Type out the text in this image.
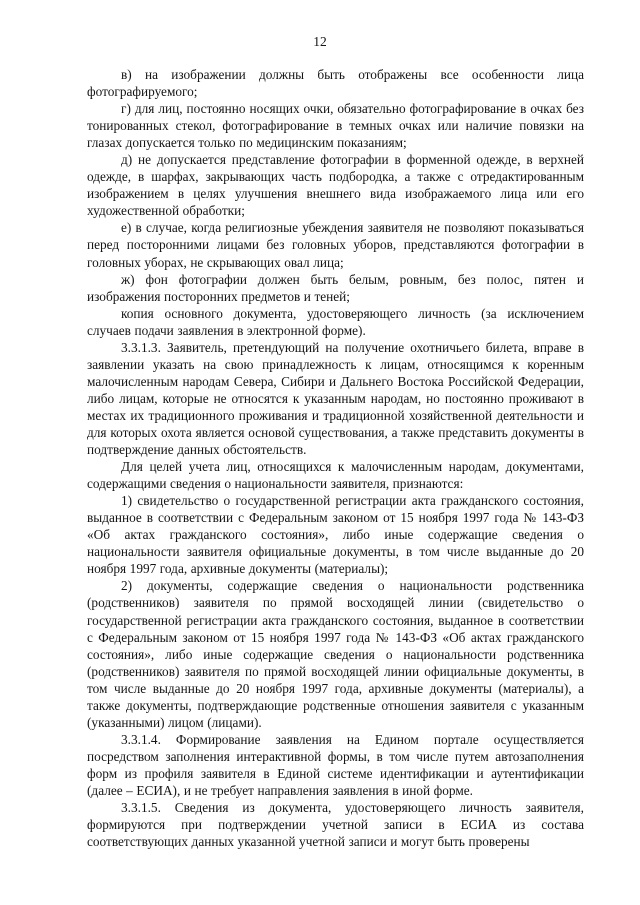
12

в) на изображении должны быть отображены все особенности лица фотографируемого;

г) для лиц, постоянно носящих очки, обязательно фотографирование в очках без тонированных стекол, фотографирование в темных очках или наличие повязки на глазах допускается только по медицинским показаниям;

д) не допускается представление фотографии в форменной одежде, в верхней одежде, в шарфах, закрывающих часть подбородка, а также с отредактированным изображением в целях улучшения внешнего вида изображаемого лица или его художественной обработки;

е) в случае, когда религиозные убеждения заявителя не позволяют показываться перед посторонними лицами без головных уборов, представляются фотографии в головных уборах, не скрывающих овал лица;

ж) фон фотографии должен быть белым, ровным, без полос, пятен и изображения посторонних предметов и теней;

копия основного документа, удостоверяющего личность (за исключением случаев подачи заявления в электронной форме).

3.3.1.3. Заявитель, претендующий на получение охотничьего билета, вправе в заявлении указать на свою принадлежность к лицам, относящимся к коренным малочисленным народам Севера, Сибири и Дальнего Востока Российской Федерации, либо лицам, которые не относятся к указанным народам, но постоянно проживают в местах их традиционного проживания и традиционной хозяйственной деятельности и для которых охота является основой существования, а также представить документы в подтверждение данных обстоятельств.

Для целей учета лиц, относящихся к малочисленным народам, документами, содержащими сведения о национальности заявителя, признаются:

1) свидетельство о государственной регистрации акта гражданского состояния, выданное в соответствии с Федеральным законом от 15 ноября 1997 года № 143-ФЗ «Об актах гражданского состояния», либо иные содержащие сведения о национальности заявителя официальные документы, в том числе выданные до 20 ноября 1997 года, архивные документы (материалы);

2) документы, содержащие сведения о национальности родственника (родственников) заявителя по прямой восходящей линии (свидетельство о государственной регистрации акта гражданского состояния, выданное в соответствии с Федеральным законом от 15 ноября 1997 года № 143-ФЗ «Об актах гражданского состояния», либо иные содержащие сведения о национальности родственника (родственников) заявителя по прямой восходящей линии официальные документы, в том числе выданные до 20 ноября 1997 года, архивные документы (материалы), а также документы, подтверждающие родственные отношения заявителя с указанным (указанными) лицом (лицами).

3.3.1.4. Формирование заявления на Едином портале осуществляется посредством заполнения интерактивной формы, в том числе путем автозаполнения форм из профиля заявителя в Единой системе идентификации и аутентификации (далее – ЕСИА), и не требует направления заявления в иной форме.

3.3.1.5. Сведения из документа, удостоверяющего личность заявителя, формируются при подтверждении учетной записи в ЕСИА из состава соответствующих данных указанной учетной записи и могут быть проверены
